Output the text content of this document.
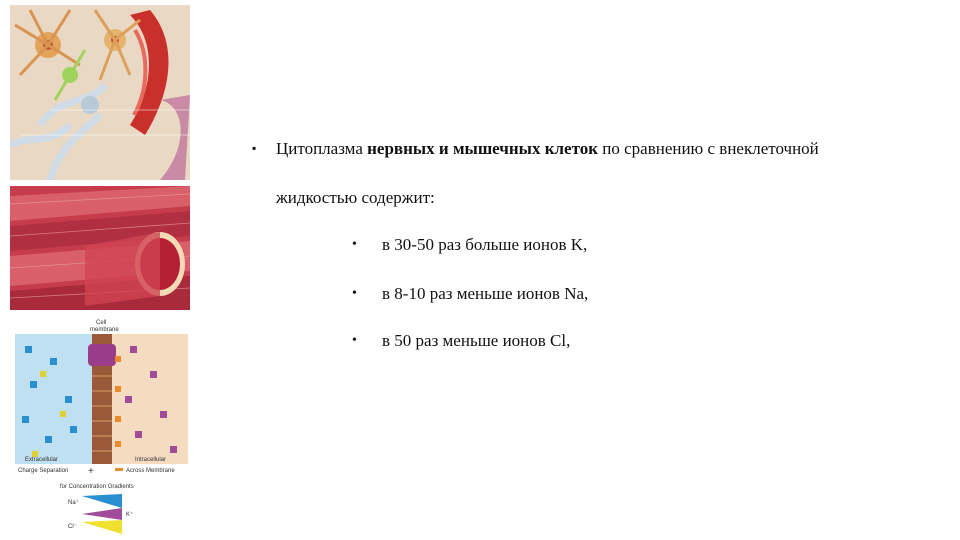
Cell
membrane
Extracellular	Intracellular
Charge Separation +	Across Membrane
for Concentration Gradients
Na⁺
K⁺
Cl⁻
▪ Цитоплазма нервных и мышечных клеток по сравнению с внеклеточной
жидкостью содержит:
• в 30-50 раз больше ионов K,
• в 8-10 раз меньше ионов Na,
• в 50 раз меньше ионов Cl,
